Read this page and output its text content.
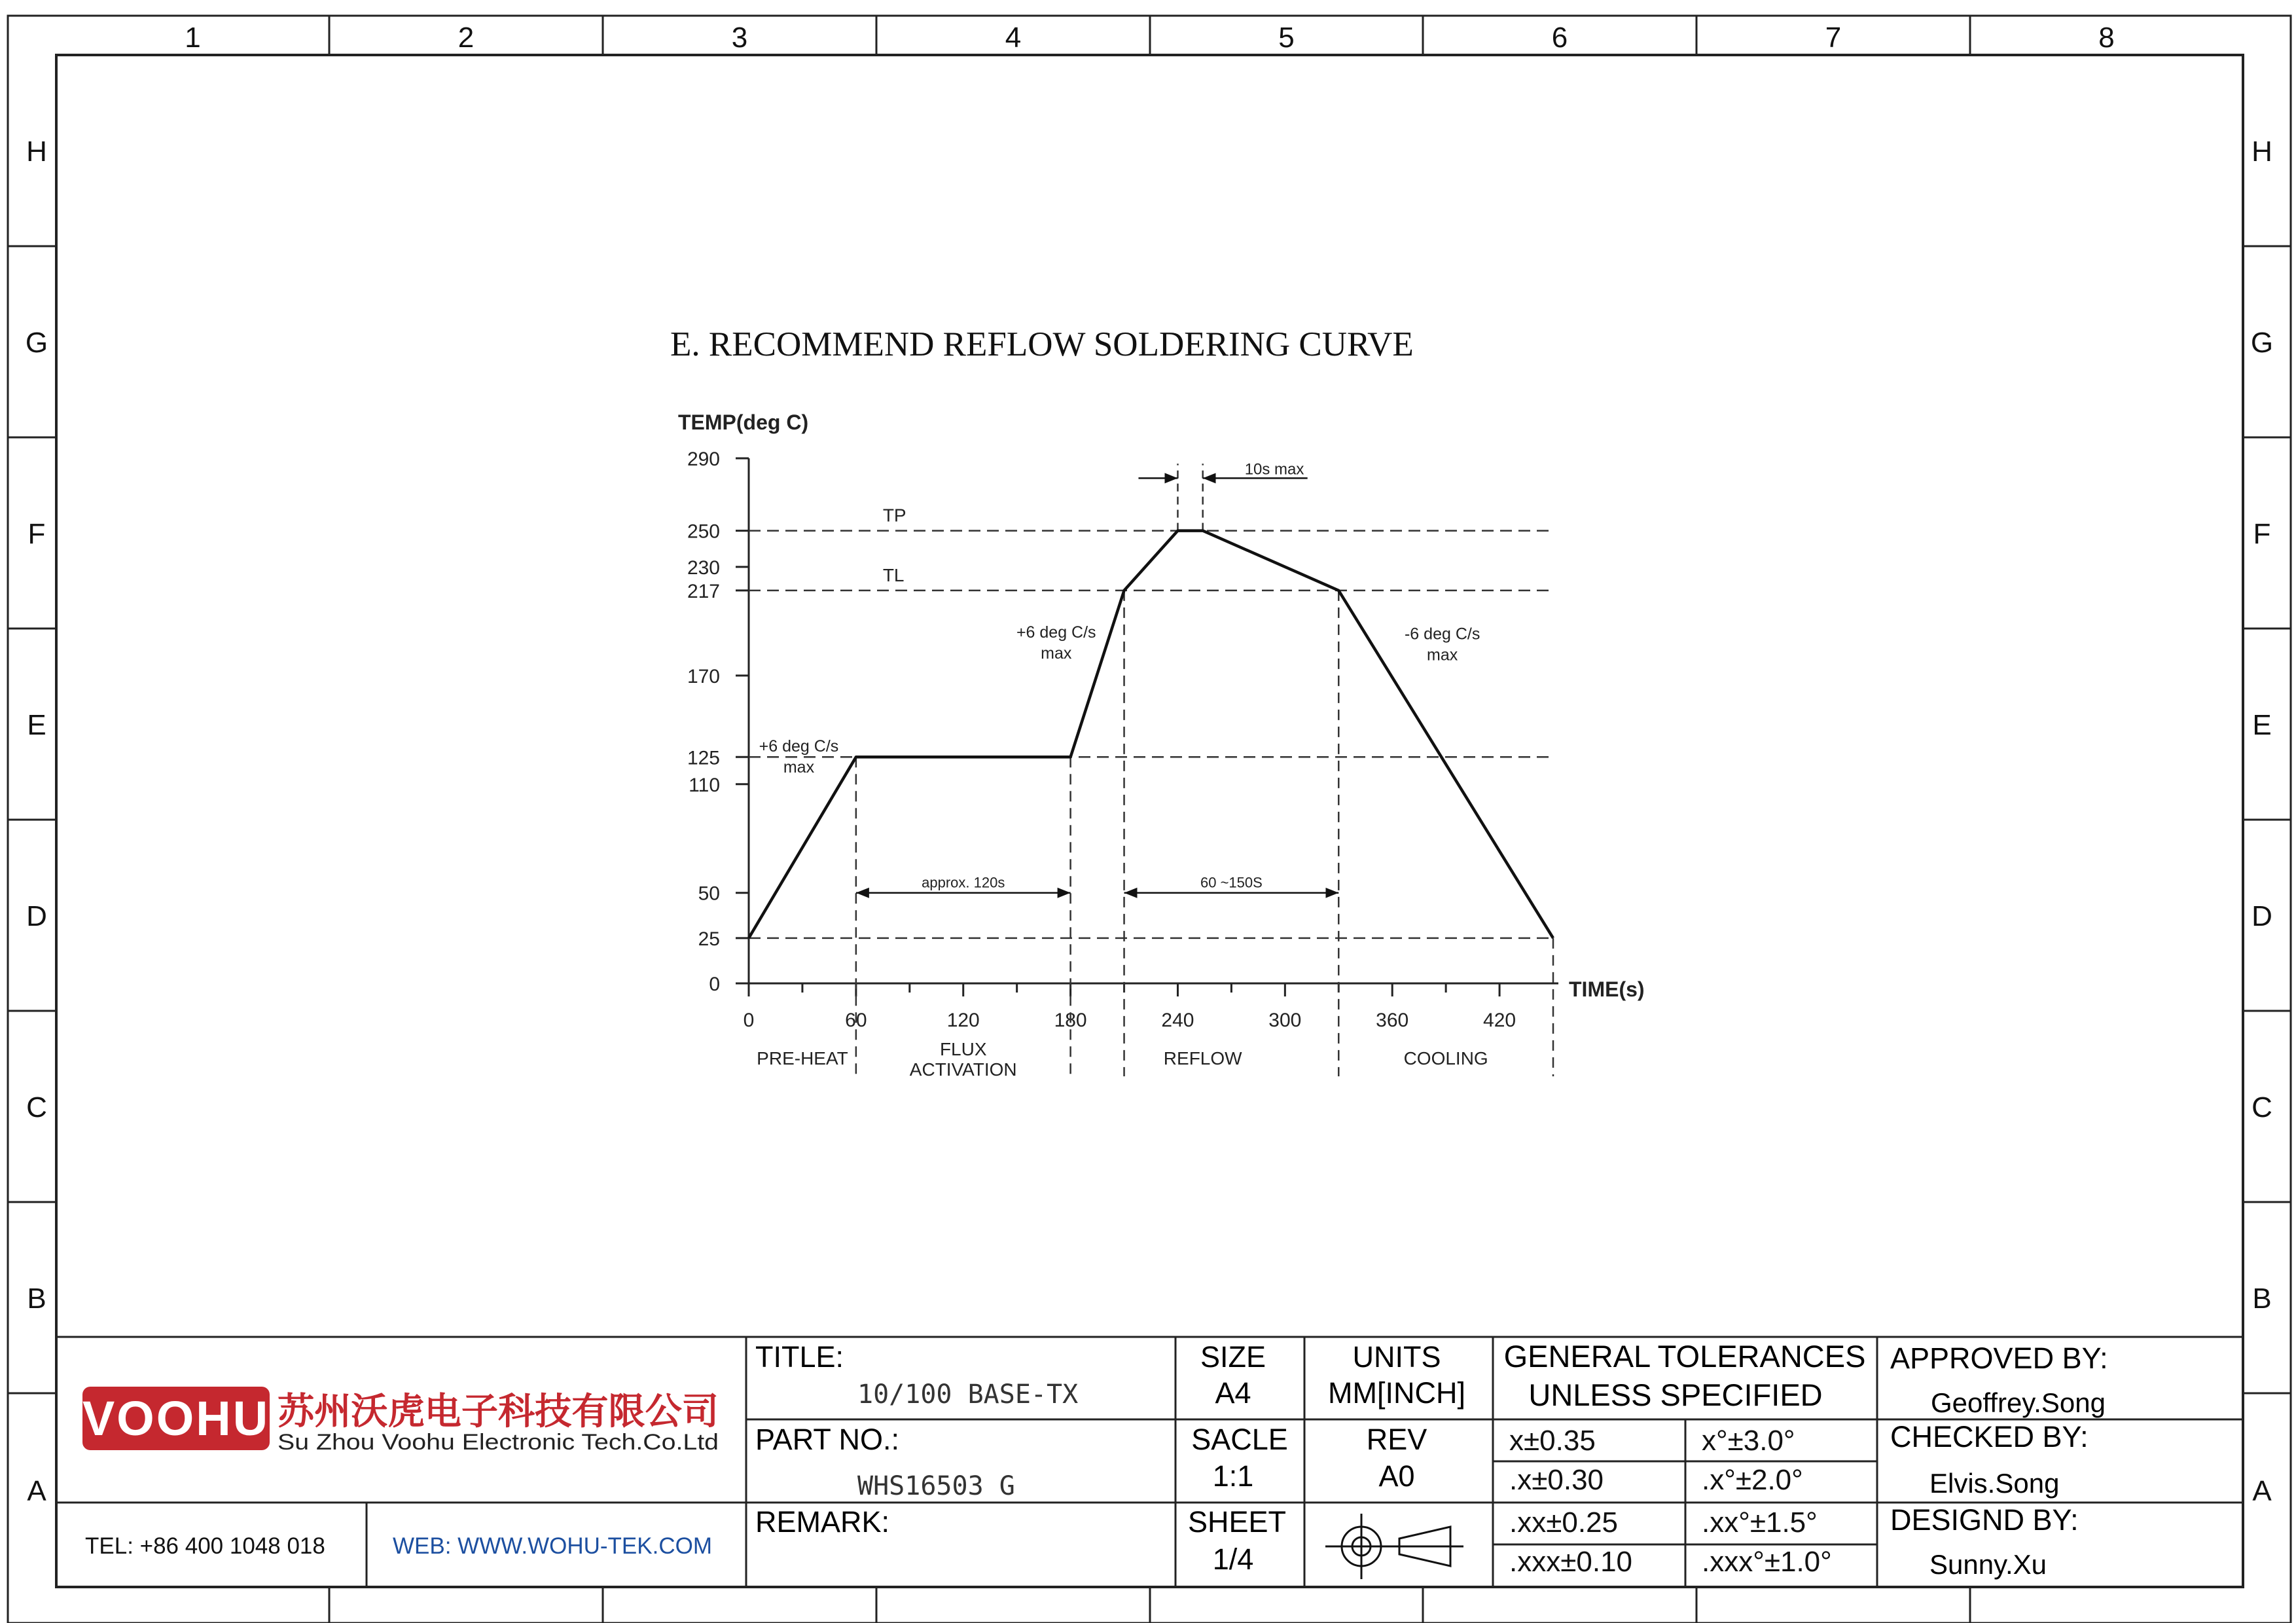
1	2	3	4	5	6	7	8
H	H
G	G
F	F
E	E
D	D
C	C
B	B
A	A
E. RECOMMEND REFLOW SOLDERING CURVE
0
25
50
110
125
170
217
230
250
290
0	60	120	180	240	300	360	420
TEMP(deg C)
TIME(s)
TP
TL
approx. 120s	60 ~150S
10s max
+6 deg C/s
max
+6 deg C/s
max
-6 deg C/s
max
PRE-HEAT	FLUX
ACTIVATION
REFLOW	COOLING
VOOHU 苏州沃虎电子科技有限公司
Su Zhou Voohu Electronic Tech.Co.Ltd
TEL: +86 400 1048 018	WEB: WWW.WOHU-TEK.COM
TITLE:
10/100 BASE-TX
PART NO.:
WHS16503 G
REMARK:
SIZE
A4
SACLE
1:1
SHEET
1/4
UNITS
MM[INCH]
REV
A0
GENERAL TOLERANCES
UNLESS SPECIFIED
x±0.35	x°±3.0°
.x±0.30	.x°±2.0°
.xx±0.25	.xx°±1.5°
.xxx±0.10 .xxx°±1.0°
APPROVED BY:
Geoffrey.Song
CHECKED BY:
Elvis.Song
DESIGND BY:
Sunny.Xu
